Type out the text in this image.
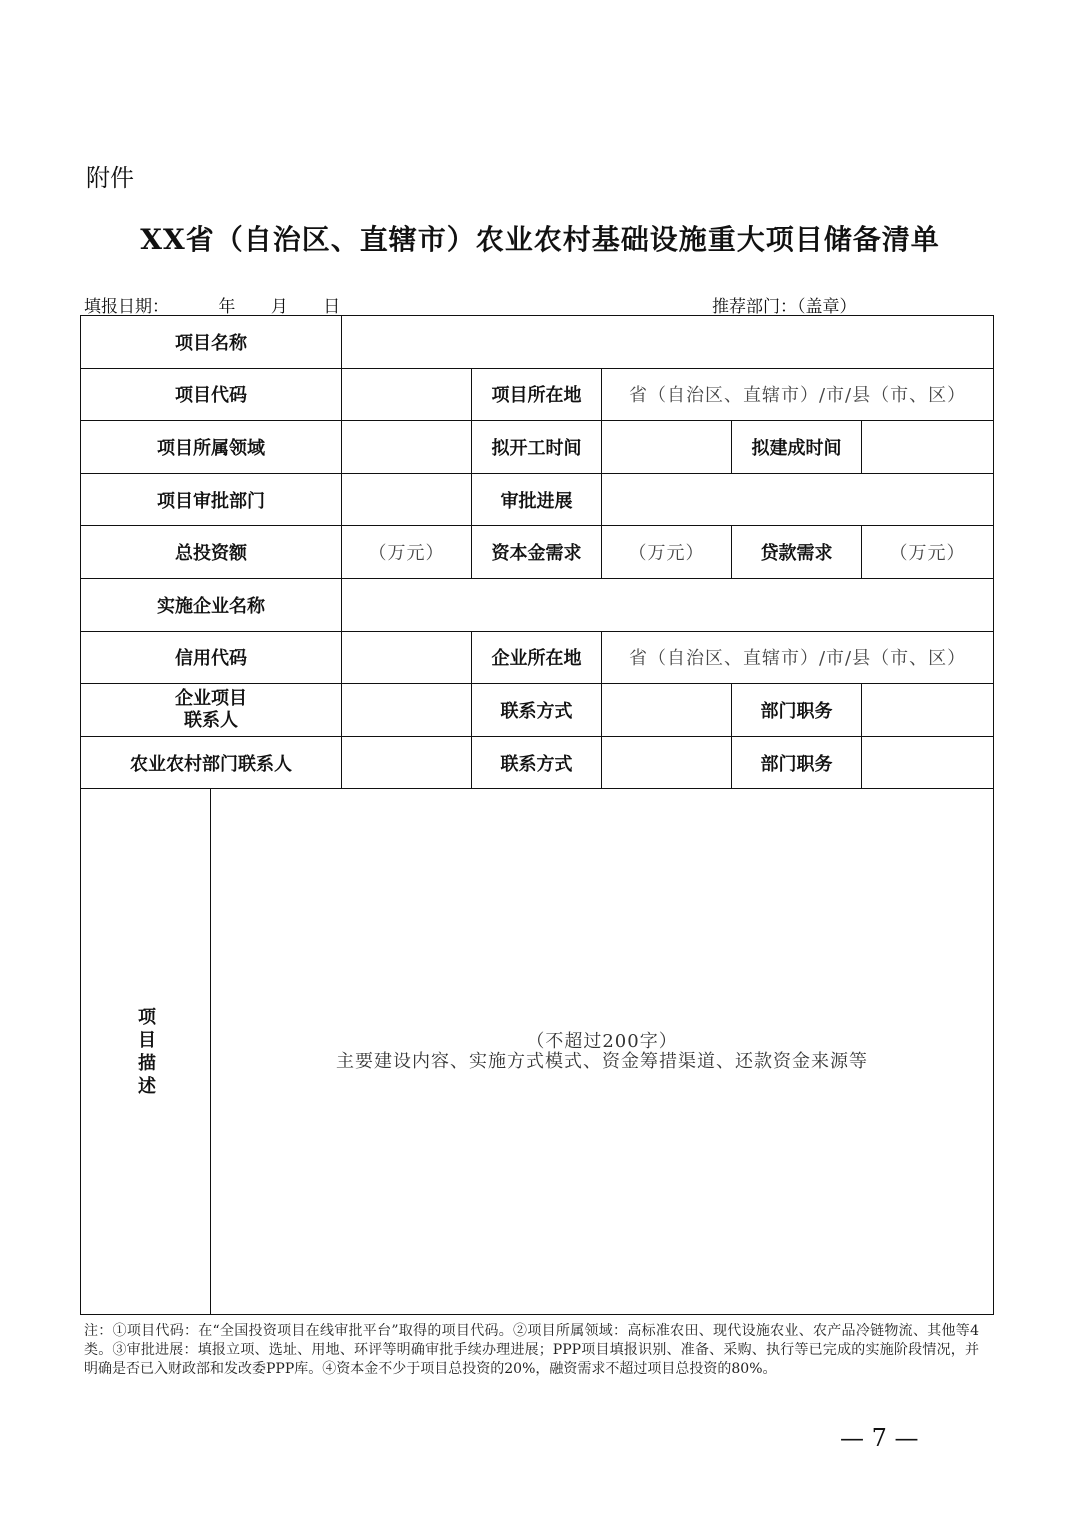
附件
XX省（自治区、直辖市）农业农村基础设施重大项目储备清单
填报日期：	年 月 日	推荐部门：（盖章）
项目名称						
项目代码			项目所在地	省（自治区、直辖市）/市/县（市、区）		
项目所属领域			拟开工时间		拟建成时间	
项目审批部门			审批进展			
总投资额		（万元）	资本金需求	（万元）	贷款需求	（万元）
实施企业名称						
信用代码			企业所在地	省（自治区、直辖市）/市/县（市、区）		

企业项目
联系人			联系方式		部门职务	
农业农村部门联系人			联系方式		部门职务	

项
目
描
述	（不超过200字）
主要建设内容、实施方式模式、资金筹措渠道、还款资金来源等					
注：①项目代码：在“全国投资项目在线审批平台”取得的项目代码。②项目所属领域：高标准农田、现代设施农业、农产品冷链物流、其他等4类。③审批进展：填报立项、选址、用地、环评等明确审批手续办理进展；PPP项目填报识别、准备、采购、执行等已完成的实施阶段情况，并明确是否已入财政部和发改委PPP库。④资本金不少于项目总投资的20%，融资需求不超过项目总投资的80%。
— 7 —
